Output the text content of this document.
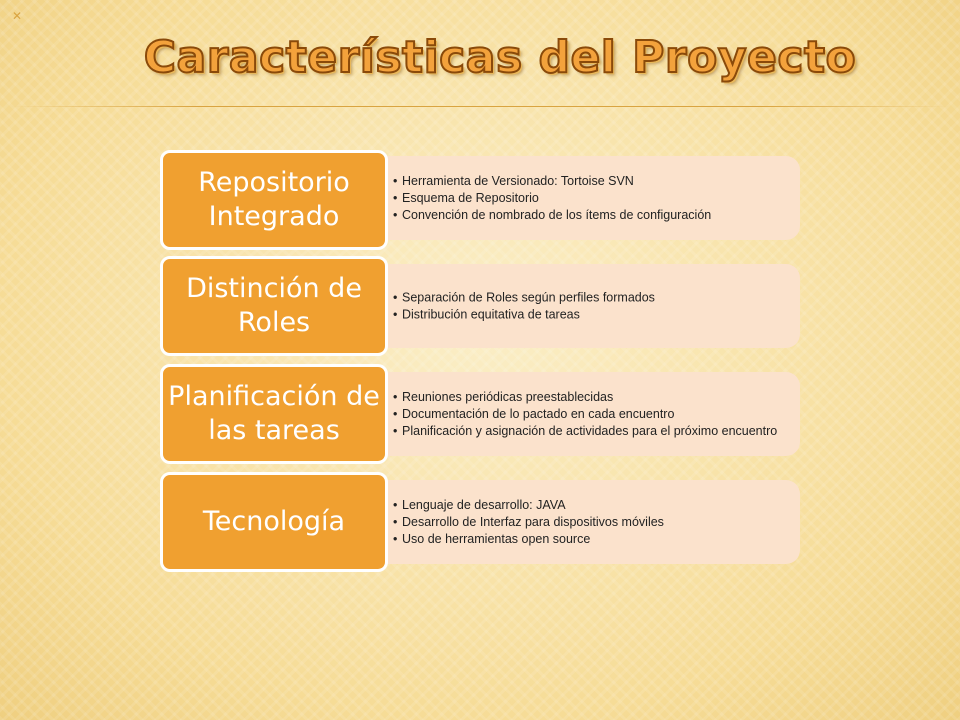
✕
Características del Proyecto
• Herramienta de Versionado: Tortoise SVN
• Esquema de Repositorio
• Convención de nombrado de los ítems de configuración
Repositorio Integrado
• Separación de Roles según perfiles formados
• Distribución equitativa de tareas
Distinción de Roles
• Reuniones periódicas preestablecidas
• Documentación de lo pactado en cada encuentro
• Planificación y asignación de actividades para el próximo encuentro
Planificación de las tareas
• Lenguaje de desarrollo: JAVA
• Desarrollo de Interfaz para dispositivos móviles
• Uso de herramientas open source
Tecnología
